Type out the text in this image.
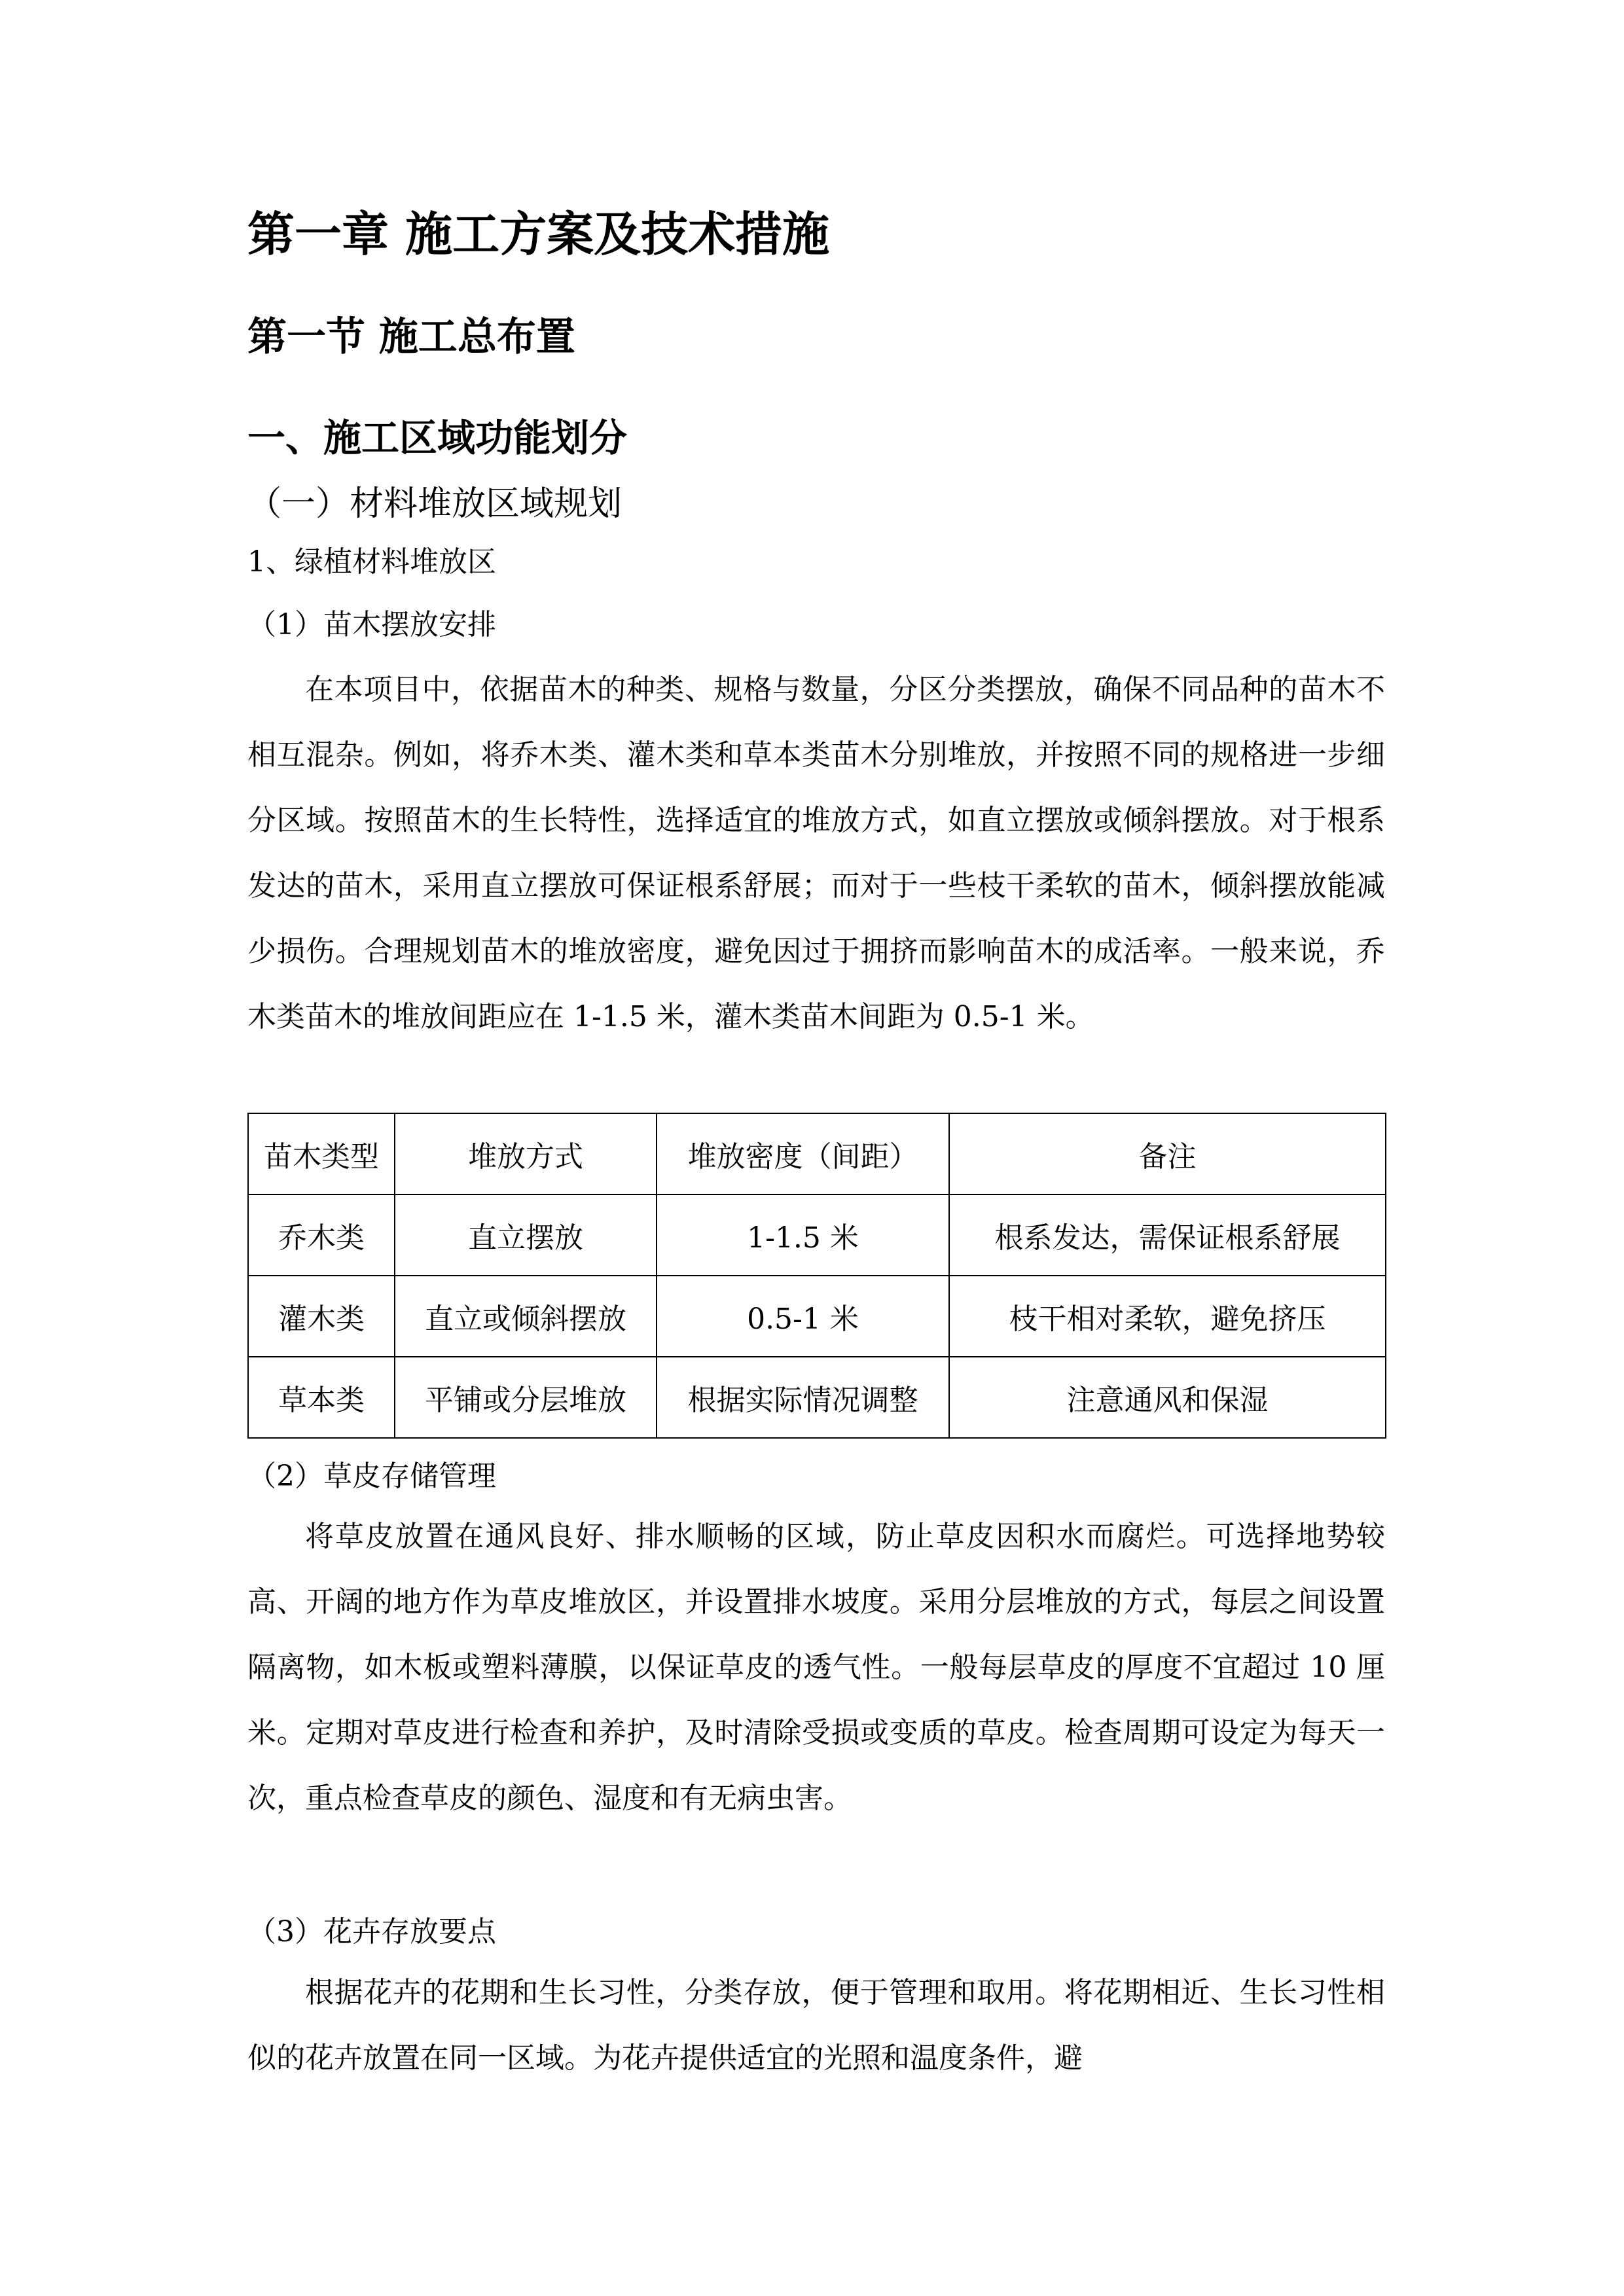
第一章 施工方案及技术措施
第一节 施工总布置
一、施工区域功能划分
（一）材料堆放区域规划
1、绿植材料堆放区
（1）苗木摆放安排

在本项目中，依据苗木的种类、规格与数量，分区分类摆放，确保不同品种的苗木不相互混杂。例如，将乔木类、灌木类和草本类苗木分别堆放，并按照不同的规格进一步细分区域。按照苗木的生长特性，选择适宜的堆放方式，如直立摆放或倾斜摆放。对于根系发达的苗木，采用直立摆放可保证根系舒展；而对于一些枝干柔软的苗木，倾斜摆放能减少损伤。合理规划苗木的堆放密度，避免因过于拥挤而影响苗木的成活率。一般来说，乔木类苗木的堆放间距应在 1-1.5 米，灌木类苗木间距为 0.5-1 米。

苗木类型	堆放方式	堆放密度（间距）	备注
乔木类	直立摆放	1-1.5 米	根系发达，需保证根系舒展
灌木类	直立或倾斜摆放	0.5-1 米	枝干相对柔软，避免挤压
草本类	平铺或分层堆放	根据实际情况调整	注意通风和保湿
（2）草皮存储管理

将草皮放置在通风良好、排水顺畅的区域，防止草皮因积水而腐烂。可选择地势较高、开阔的地方作为草皮堆放区，并设置排水坡度。采用分层堆放的方式，每层之间设置隔离物，如木板或塑料薄膜，以保证草皮的透气性。一般每层草皮的厚度不宜超过 10 厘米。定期对草皮进行检查和养护，及时清除受损或变质的草皮。检查周期可设定为每天一次，重点检查草皮的颜色、湿度和有无病虫害。

（3）花卉存放要点

根据花卉的花期和生长习性，分类存放，便于管理和取用。将花期相近、生长习性相似的花卉放置在同一区域。为花卉提供适宜的光照和温度条件，避
